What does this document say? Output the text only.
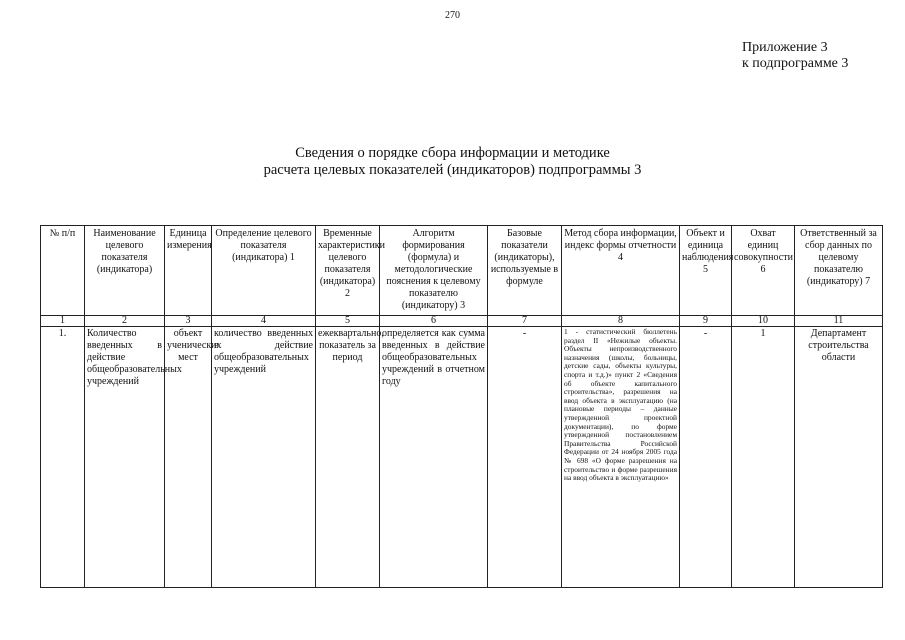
270
Приложение 3
к подпрограмме 3
Сведения о порядке сбора информации и методике
расчета целевых показателей (индикаторов) подпрограммы 3
№ п/п	Наименование целевого показателя (индикатора)	Единица измерения	Определение целевого показателя (индикатора) 1	Временные характеристики целевого показателя (индикатора) 2	Алгоритм формирования (формула) и методологические пояснения к целевому показателю (индикатору) 3	Базовые показатели (индикаторы), используемые в формуле	Метод сбора информации, индекс формы отчетности 4	Объект и единица наблюдения 5	Охват единиц совокупности 6	Ответственный за сбор данных по целевому показателю (индикатору) 7
1	2	3	4	5	6	7	8	9	10	11
1.	Количество введенных в действие общеобразовательных учреждений	объект ученических мест	количество введенных в действие общеобразовательных учреждений	ежеквартально, показатель за период	определяется как сумма введенных в действие общеобразовательных учреждений в отчетном году	-	1 - статистический бюллетень раздел II «Нежилые объекты. Объекты непроизводственного назначения (школы, больницы, детские сады, объекты культуры, спорта и т.д.)» пункт 2 «Сведения об объекте капитального строительства», разрешения на ввод объекта в эксплуатацию (на плановые периоды – данные утвержденной проектной документации), по форме утвержденной постановлением Правительства Российской Федерации от 24 ноября 2005 года № 698 «О форме разрешения на строительство и форме разрешения на ввод объекта в эксплуатацию»	-	1	Департамент строительства области
